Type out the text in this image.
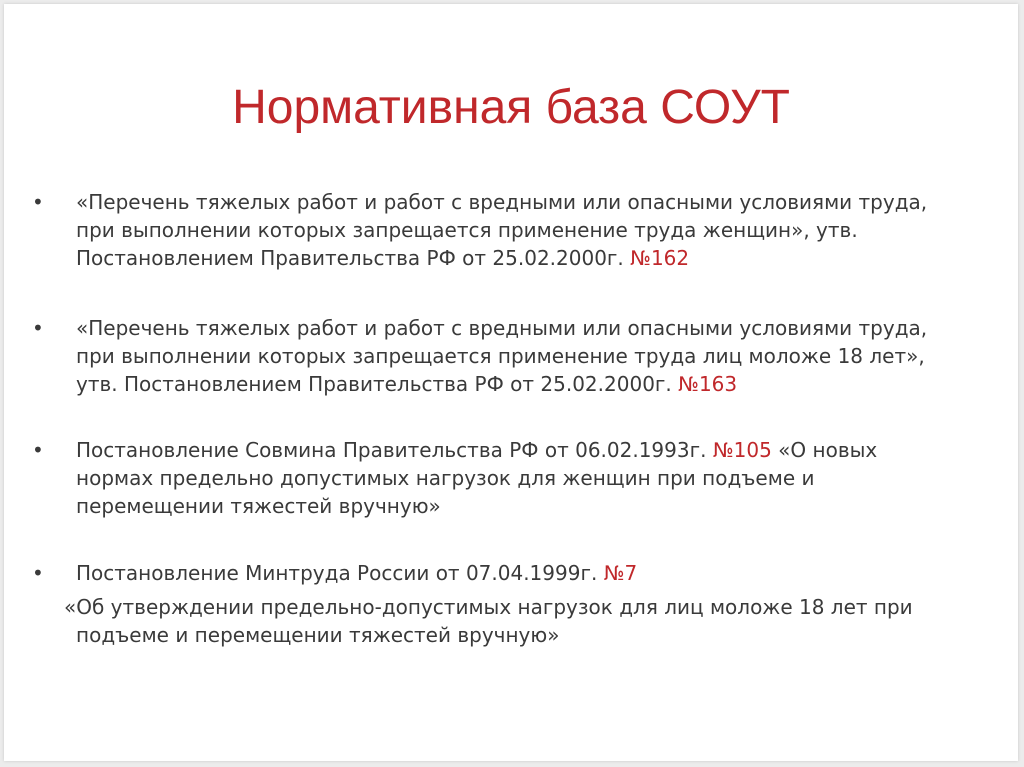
Нормативная база СОУТ
• «Перечень тяжелых работ и работ с вредными или опасными условиями труда,
при выполнении которых запрещается применение труда женщин», утв.
Постановлением Правительства РФ от 25.02.2000г. №162
• «Перечень тяжелых работ и работ с вредными или опасными условиями труда,
при выполнении которых запрещается применение труда лиц моложе 18 лет»,
утв. Постановлением Правительства РФ от 25.02.2000г. №163
• Постановление Совмина Правительства РФ от 06.02.1993г. №105 «О новых
нормах предельно допустимых нагрузок для женщин при подъеме и
перемещении тяжестей вручную»
• Постановление Минтруда России от 07.04.1999г. №7
«Об утверждении предельно-допустимых нагрузок для лиц моложе 18 лет при
подъеме и перемещении тяжестей вручную»
